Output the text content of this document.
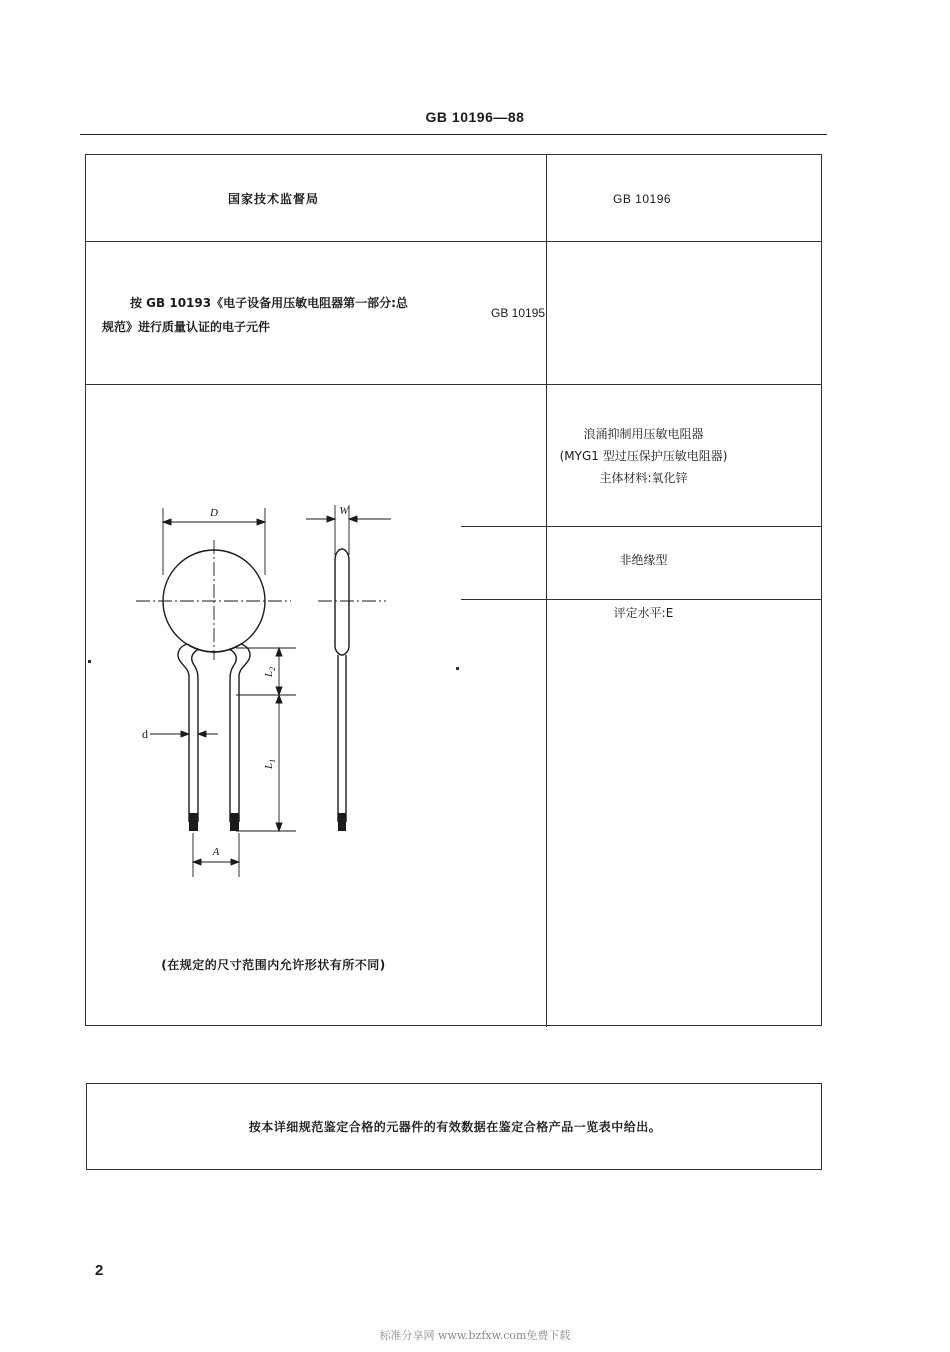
GB 10196—88
国家技术监督局	GB 10196
按 GB 10193《电子设备用压敏电阻器第一部分:总
规范》进行质量认证的电子元件
GB 10195
浪涌抑制用压敏电阻器
(MYG1 型过压保护压敏电阻器)
主体材料:氧化锌
非绝缘型
评定水平:E
(在规定的尺寸范围内允许形状有所不同)
D
d
$L_2$
$L_1$
A
W
按本详细规范鉴定合格的元器件的有效数据在鉴定合格产品一览表中给出。
2
标准分享网 www.bzfxw.com免费下载
